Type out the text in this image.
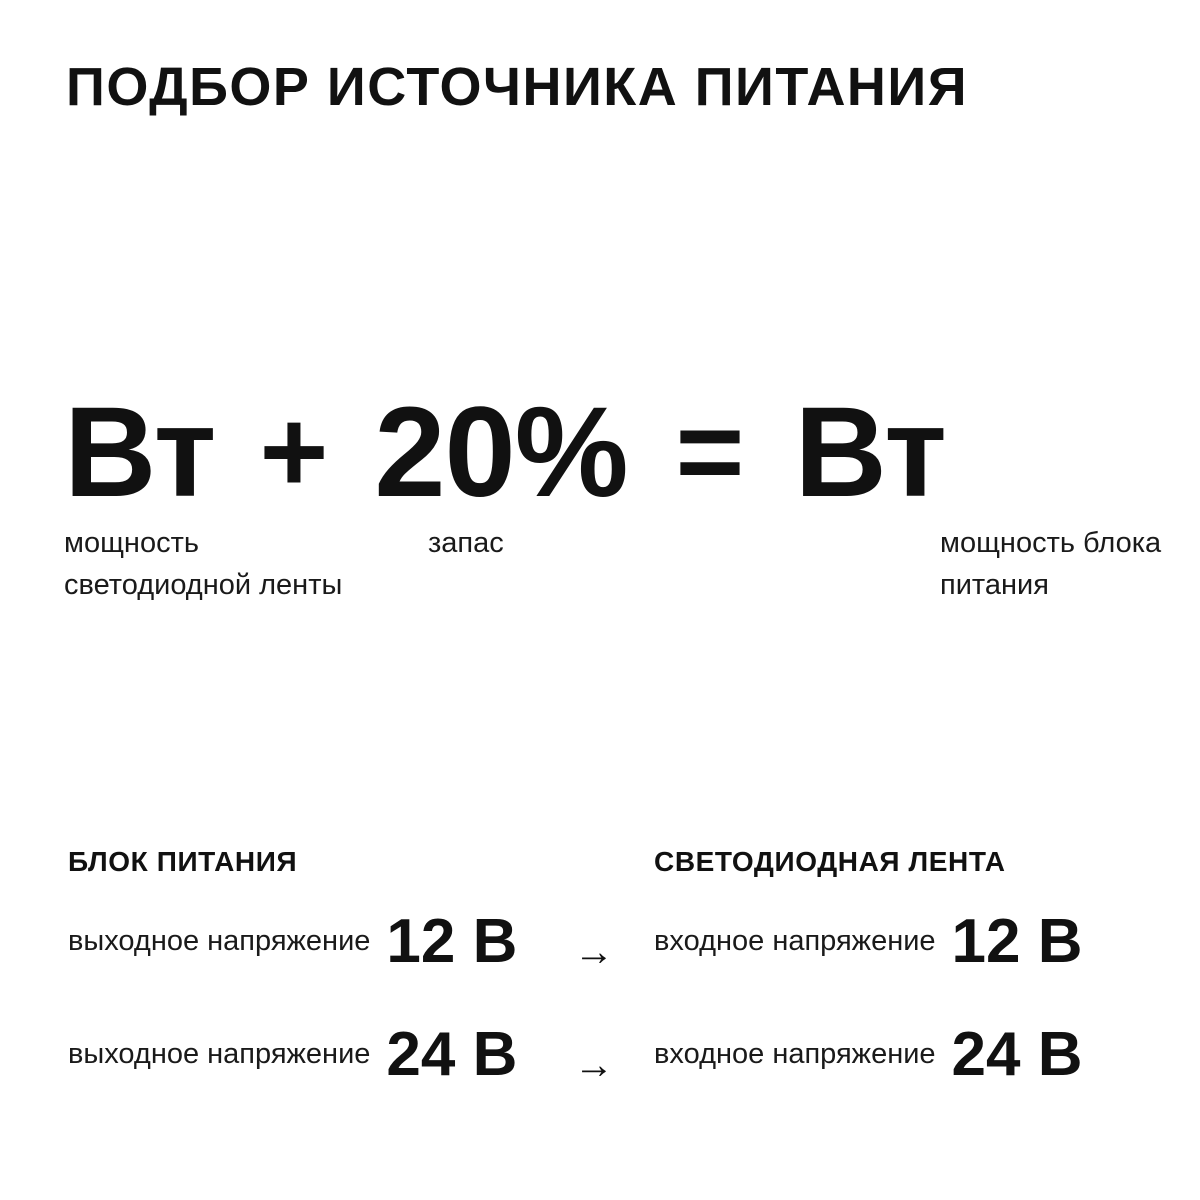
ПОДБОР ИСТОЧНИКА ПИТАНИЯ
Вт + 20% = Вт
мощность светодиодной ленты
запас	мощность блока питания
БЛОК ПИТАНИЯ	СВЕТОДИОДНАЯ ЛЕНТА
выходное напряжение 12 В → входное напряжение 12 В
выходное напряжение 24 В → входное напряжение 24 В
